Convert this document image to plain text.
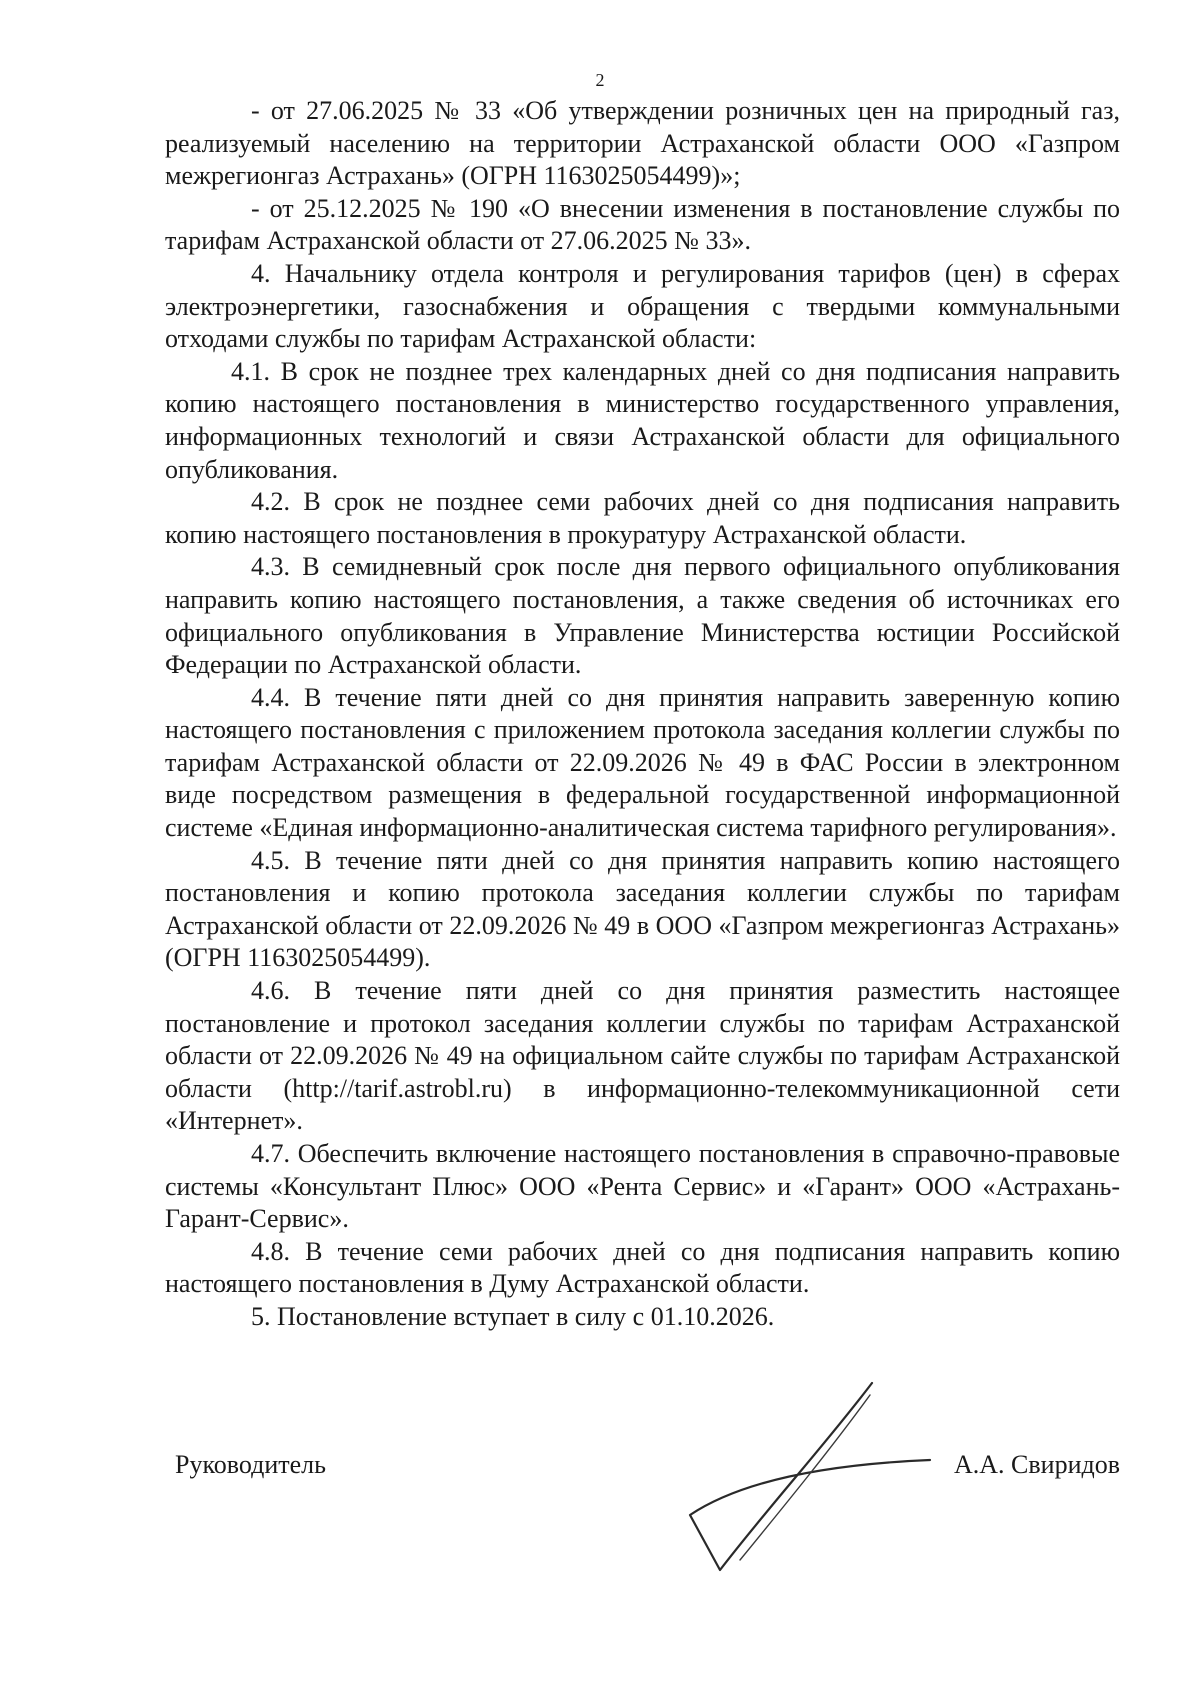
2

- от 27.06.2025 № 33 «Об утверждении розничных цен на природный газ, реализуемый населению на территории Астраханской области ООО «Газпром межрегионгаз Астрахань» (ОГРН 1163025054499)»;

- от 25.12.2025 № 190 «О внесении изменения в постановление службы по тарифам Астраханской области от 27.06.2025 № 33».

4. Начальнику отдела контроля и регулирования тарифов (цен) в сферах электроэнергетики, газоснабжения и обращения с твердыми коммунальными отходами службы по тарифам Астраханской области:

4.1. В срок не позднее трех календарных дней со дня подписания направить копию настоящего постановления в министерство государственного управления, информационных технологий и связи Астраханской области для официального опубликования.

4.2. В срок не позднее семи рабочих дней со дня подписания направить копию настоящего постановления в прокуратуру Астраханской области.

4.3. В семидневный срок после дня первого официального опубликования направить копию настоящего постановления, а также сведения об источниках его официального опубликования в Управление Министерства юстиции Российской Федерации по Астраханской области.

4.4. В течение пяти дней со дня принятия направить заверенную копию настоящего постановления с приложением протокола заседания коллегии службы по тарифам Астраханской области от 22.09.2026 № 49 в ФАС России в электронном виде посредством размещения в федеральной государственной информационной системе «Единая информационно-аналитическая система тарифного регулирования».

4.5. В течение пяти дней со дня принятия направить копию настоящего постановления и копию протокола заседания коллегии службы по тарифам Астраханской области от 22.09.2026 № 49 в ООО «Газпром межрегионгаз Астрахань» (ОГРН 1163025054499).

4.6. В течение пяти дней со дня принятия разместить настоящее постановление и протокол заседания коллегии службы по тарифам Астраханской области от 22.09.2026 № 49 на официальном сайте службы по тарифам Астраханской области (http://tarif.astrobl.ru) в информационно-телекоммуникационной сети «Интернет».

4.7. Обеспечить включение настоящего постановления в справочно-правовые системы «Консультант Плюс» ООО «Рента Сервис» и «Гарант» ООО «Астрахань-Гарант-Сервис».

4.8. В течение семи рабочих дней со дня подписания направить копию настоящего постановления в Думу Астраханской области.

5. Постановление вступает в силу с 01.10.2026.

Руководитель	А.А. Свиридов
